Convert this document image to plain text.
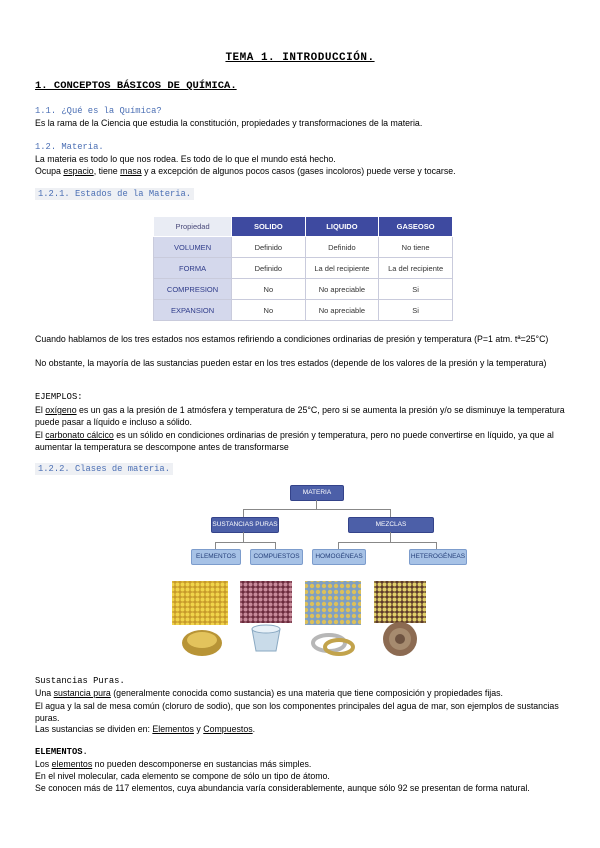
TEMA 1. INTRODUCCIÓN.
1. CONCEPTOS BÁSICOS DE QUÍMICA.
1.1. ¿Qué es la Química?
Es la rama de la Ciencia que estudia la constitución, propiedades y transformaciones de la materia.
1.2. Materia.
La materia es todo lo que nos rodea. Es todo de lo que el mundo está hecho.
Ocupa espacio, tiene masa y a excepción de algunos pocos casos (gases incoloros) puede verse y tocarse.
1.2.1. Estados de la Materia.
Propiedad	SOLIDO	LIQUIDO	GASEOSO
VOLUMEN	Definido	Definido	No tiene
FORMA	Definido	La del recipiente	La del recipiente
COMPRESION	No	No apreciable	Si
EXPANSION	No	No apreciable	Si
Cuando hablamos de los tres estados nos estamos refiriendo a condiciones ordinarias de presión y temperatura (P=1 atm. tª=25°C)
No obstante, la mayoría de las sustancias pueden estar en los tres estados (depende de los valores de la presión y la temperatura)
EJEMPLOS:
El oxígeno es un gas a la presión de 1 atmósfera y temperatura de 25°C, pero si se aumenta la presión y/o se disminuye la temperatura puede pasar a líquido e incluso a sólido.
El carbonato cálcico es un sólido en condiciones ordinarias de presión y temperatura, pero no puede convertirse en líquido, ya que al aumentar la temperatura se descompone antes de transformarse
1.2.2. Clases de materia.
MATERIA
SUSTANCIAS PURAS	MEZCLAS
ELEMENTOS	COMPUESTOS	HOMOGÉNEAS	HETEROGÉNEAS
Sustancias Puras.
Una sustancia pura (generalmente conocida como sustancia) es una materia que tiene composición y propiedades fijas.
El agua y la sal de mesa común (cloruro de sodio), que son los componentes principales del agua de mar, son ejemplos de sustancias puras.
Las sustancias se dividen en: Elementos y Compuestos.
ELEMENTOS.
Los elementos no pueden descomponerse en sustancias más simples.
En el nivel molecular, cada elemento se compone de sólo un tipo de átomo.
Se conocen más de 117 elementos, cuya abundancia varía considerablemente, aunque sólo 92 se presentan de forma natural.
